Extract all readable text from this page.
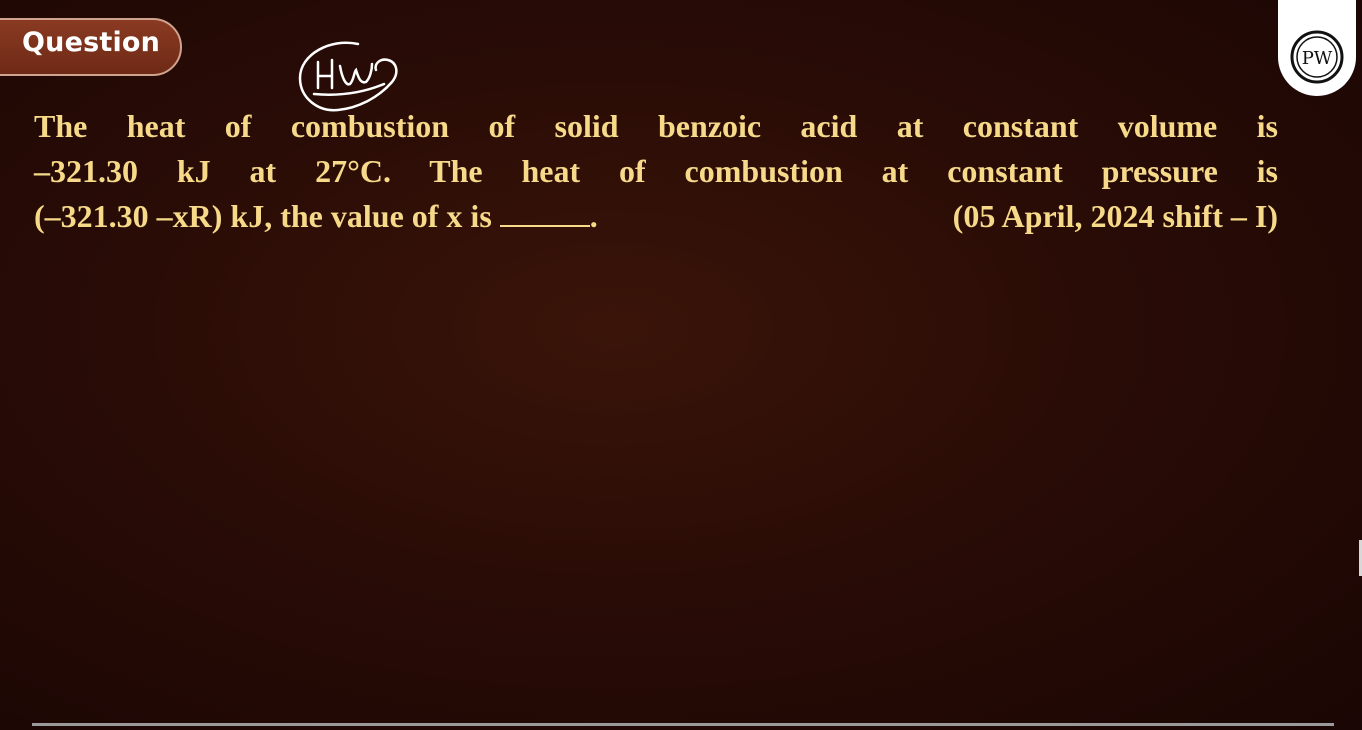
Question
PW
The heat of combustion of solid benzoic acid at constant volume is
–321.30 kJ at 27°C. The heat of combustion at constant pressure is
(–321.30 –xR) kJ, the value of x is	.	(05 April, 2024 shift – I)
